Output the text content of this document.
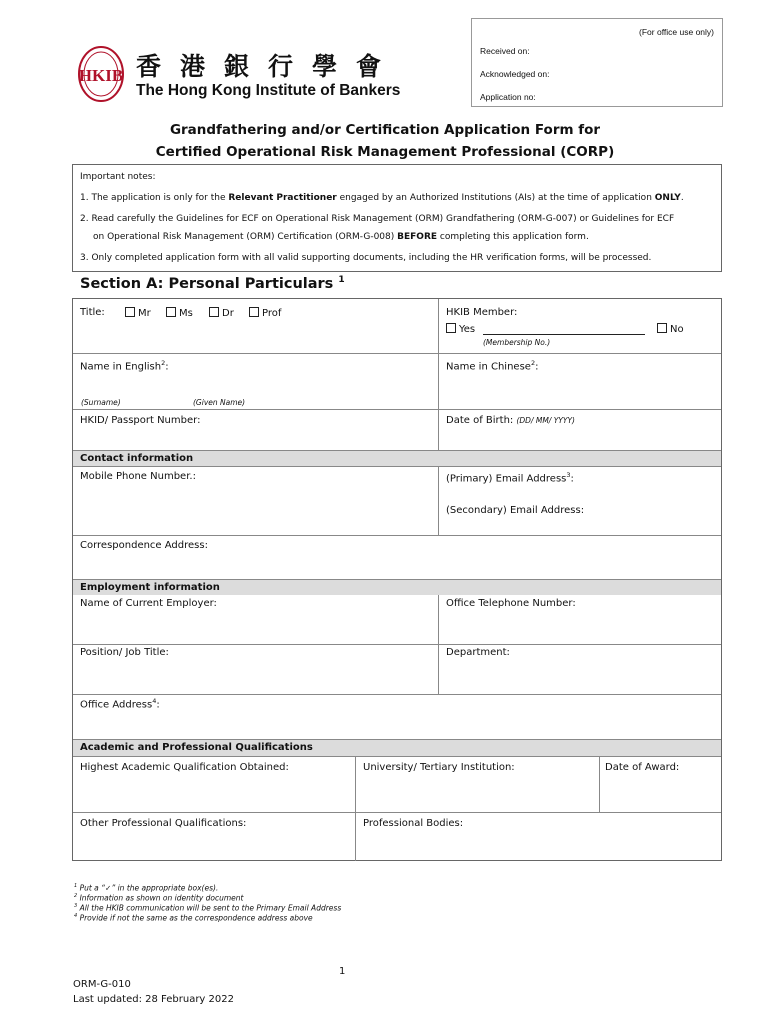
(For office use only)
Received on:
Acknowledged on:
Application no:
HKIB 香港銀行學會
The Hong Kong Institute of Bankers
Grandfathering and/or Certification Application Form for
Certified Operational Risk Management Professional (CORP)
Important notes:
1. The application is only for the Relevant Practitioner engaged by an Authorized Institutions (AIs) at the time of application ONLY.
2. Read carefully the Guidelines for ECF on Operational Risk Management (ORM) Grandfathering (ORM-G-007) or Guidelines for ECF
on Operational Risk Management (ORM) Certification (ORM-G-008) BEFORE completing this application form.
3. Only completed application form with all valid supporting documents, including the HR verification forms, will be processed.
Section A: Personal Particulars $^1$
Title:	Mr	Ms	Dr	Prof	HKIB Member:
Yes	No
(Membership No.)
Name in English$^2$:	Name in Chinese$^2$:
(Surname)	(Given Name)
HKID/ Passport Number:	Date of Birth: (DD/ MM/ YYYY)
Contact information
Mobile Phone Number.:	(Primary) Email Address$^3$:
(Secondary) Email Address:
Correspondence Address:
Employment information
Name of Current Employer:	Office Telephone Number:
Position/ Job Title:	Department:
Office Address$^4$:
Academic and Professional Qualifications
Highest Academic Qualification Obtained:	University/ Tertiary Institution:	Date of Award:
Other Professional Qualifications:	Professional Bodies:
$^1$ Put a “✓” in the appropriate box(es).
$^2$ Information as shown on identity document
$^3$ All the HKIB communication will be sent to the Primary Email Address
$^4$ Provide if not the same as the correspondence address above
1
ORM-G-010
Last updated: 28 February 2022
